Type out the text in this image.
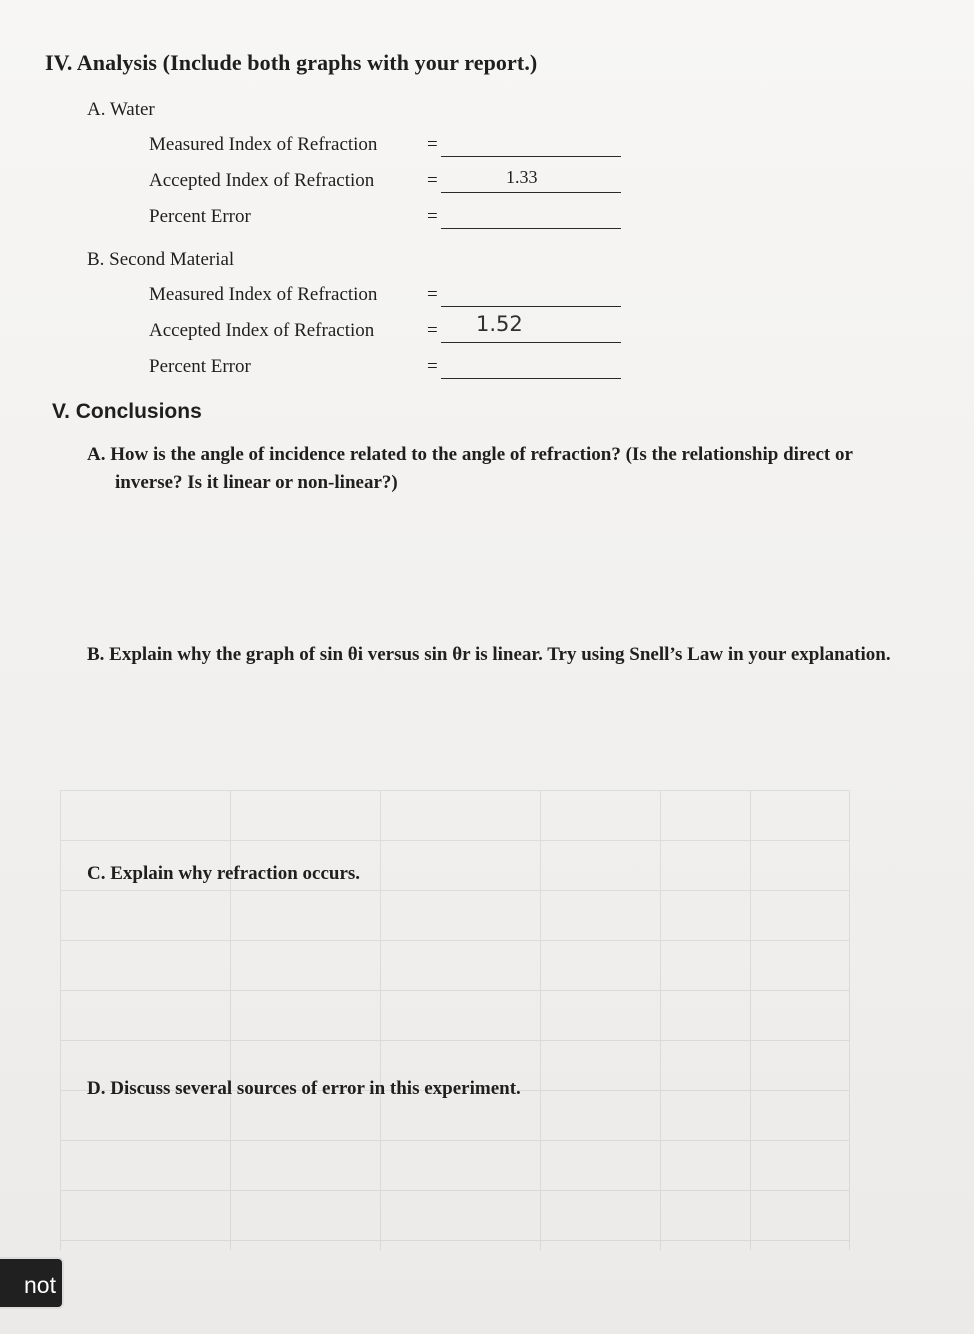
IV. Analysis (Include both graphs with your report.)
A. Water
Measured Index of Refraction	=
Accepted Index of Refraction	=	1.33
Percent Error	=
B. Second Material
Measured Index of Refraction	=
Accepted Index of Refraction	= 1.52
Percent Error	=
V. Conclusions
A. How is the angle of incidence related to the angle of refraction? (Is the relationship direct or
inverse? Is it linear or non-linear?)
B. Explain why the graph of sin θi versus sin θr is linear. Try using Snell’s Law in your explanation.
C. Explain why refraction occurs.
D. Discuss several sources of error in this experiment.
not
